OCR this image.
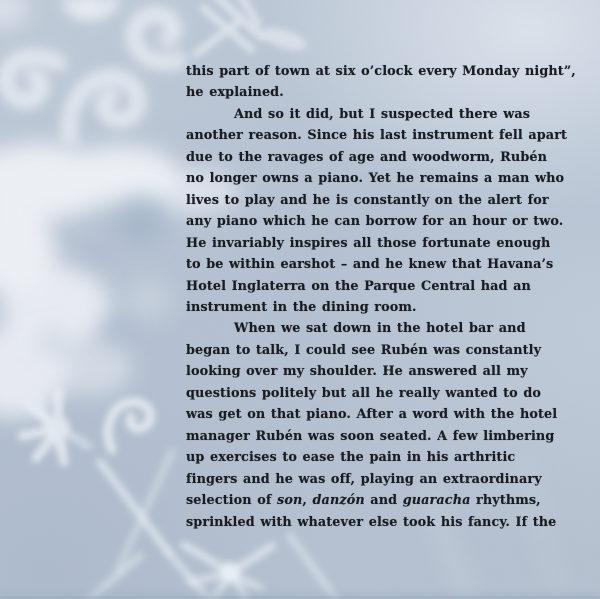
this part of town at six o’clock every Monday night”,
he explained.
And so it did, but I suspected there was
another reason. Since his last instrument fell apart
due to the ravages of age and woodworm, Rubén
no longer owns a piano. Yet he remains a man who
lives to play and he is constantly on the alert for
any piano which he can borrow for an hour or two.
He invariably inspires all those fortunate enough
to be within earshot – and he knew that Havana’s
Hotel Inglaterra on the Parque Central had an
instrument in the dining room.
When we sat down in the hotel bar and
began to talk, I could see Rubén was constantly
looking over my shoulder. He answered all my
questions politely but all he really wanted to do
was get on that piano. After a word with the hotel
manager Rubén was soon seated. A few limbering
up exercises to ease the pain in his arthritic
fingers and he was off, playing an extraordinary
selection of son, danzón and guaracha rhythms,
sprinkled with whatever else took his fancy. If the
